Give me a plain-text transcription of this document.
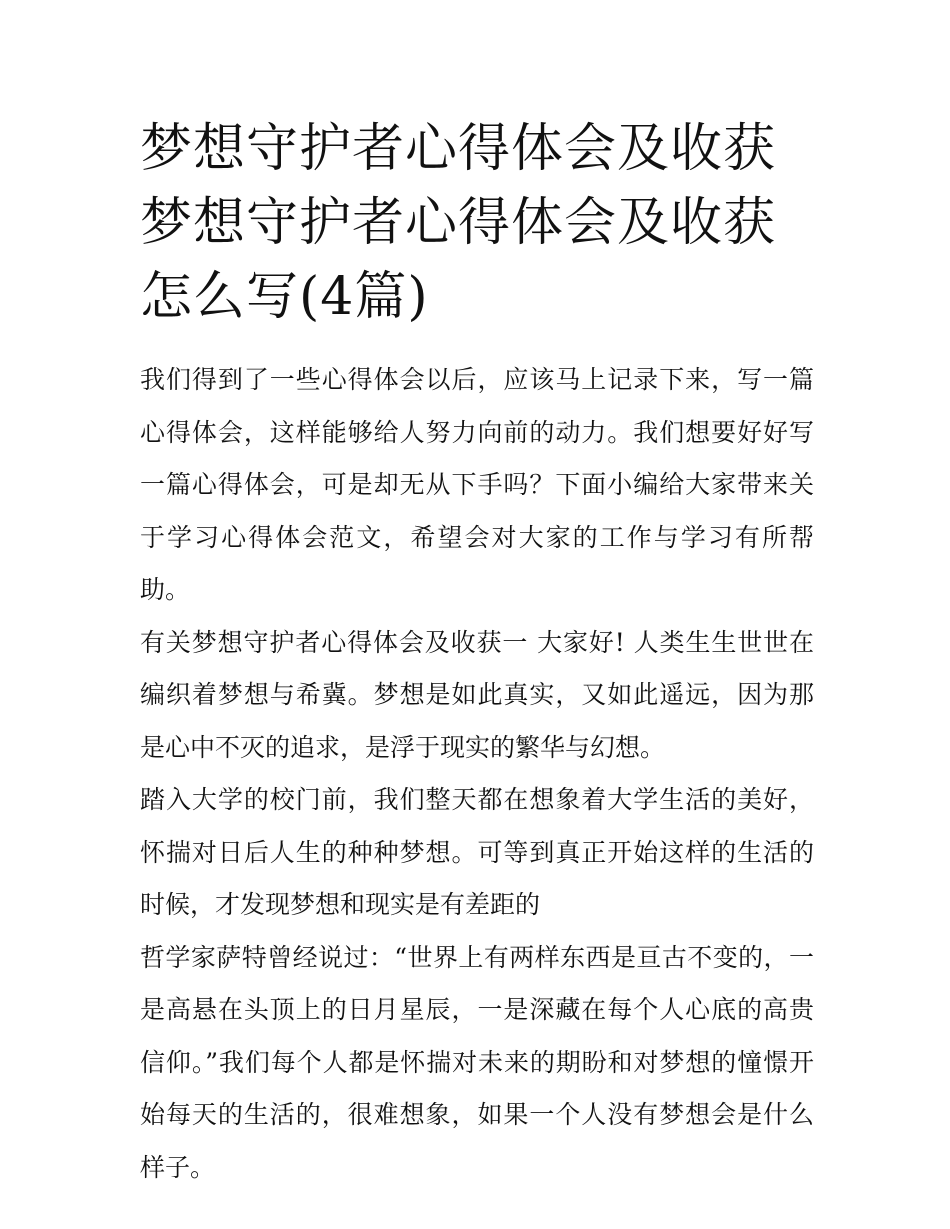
梦想守护者心得体会及收获 梦想守护者心得体会及收获怎么写(4篇)

我们得到了一些心得体会以后，应该马上记录下来，写一篇心得体会，这样能够给人努力向前的动力。我们想要好好写一篇心得体会，可是却无从下手吗？下面小编给大家带来关于学习心得体会范文，希望会对大家的工作与学习有所帮助。

有关梦想守护者心得体会及收获一 大家好! 人类生生世世在编织着梦想与希冀。梦想是如此真实，又如此遥远，因为那是心中不灭的追求，是浮于现实的繁华与幻想。

踏入大学的校门前，我们整天都在想象着大学生活的美好，怀揣对日后人生的种种梦想。可等到真正开始这样的生活的时候，才发现梦想和现实是有差距的

哲学家萨特曾经说过：“世界上有两样东西是亘古不变的，一是高悬在头顶上的日月星辰，一是深藏在每个人心底的高贵信仰。”我们每个人都是怀揣对未来的期盼和对梦想的憧憬开始每天的生活的，很难想象，如果一个人没有梦想会是什么样子。
